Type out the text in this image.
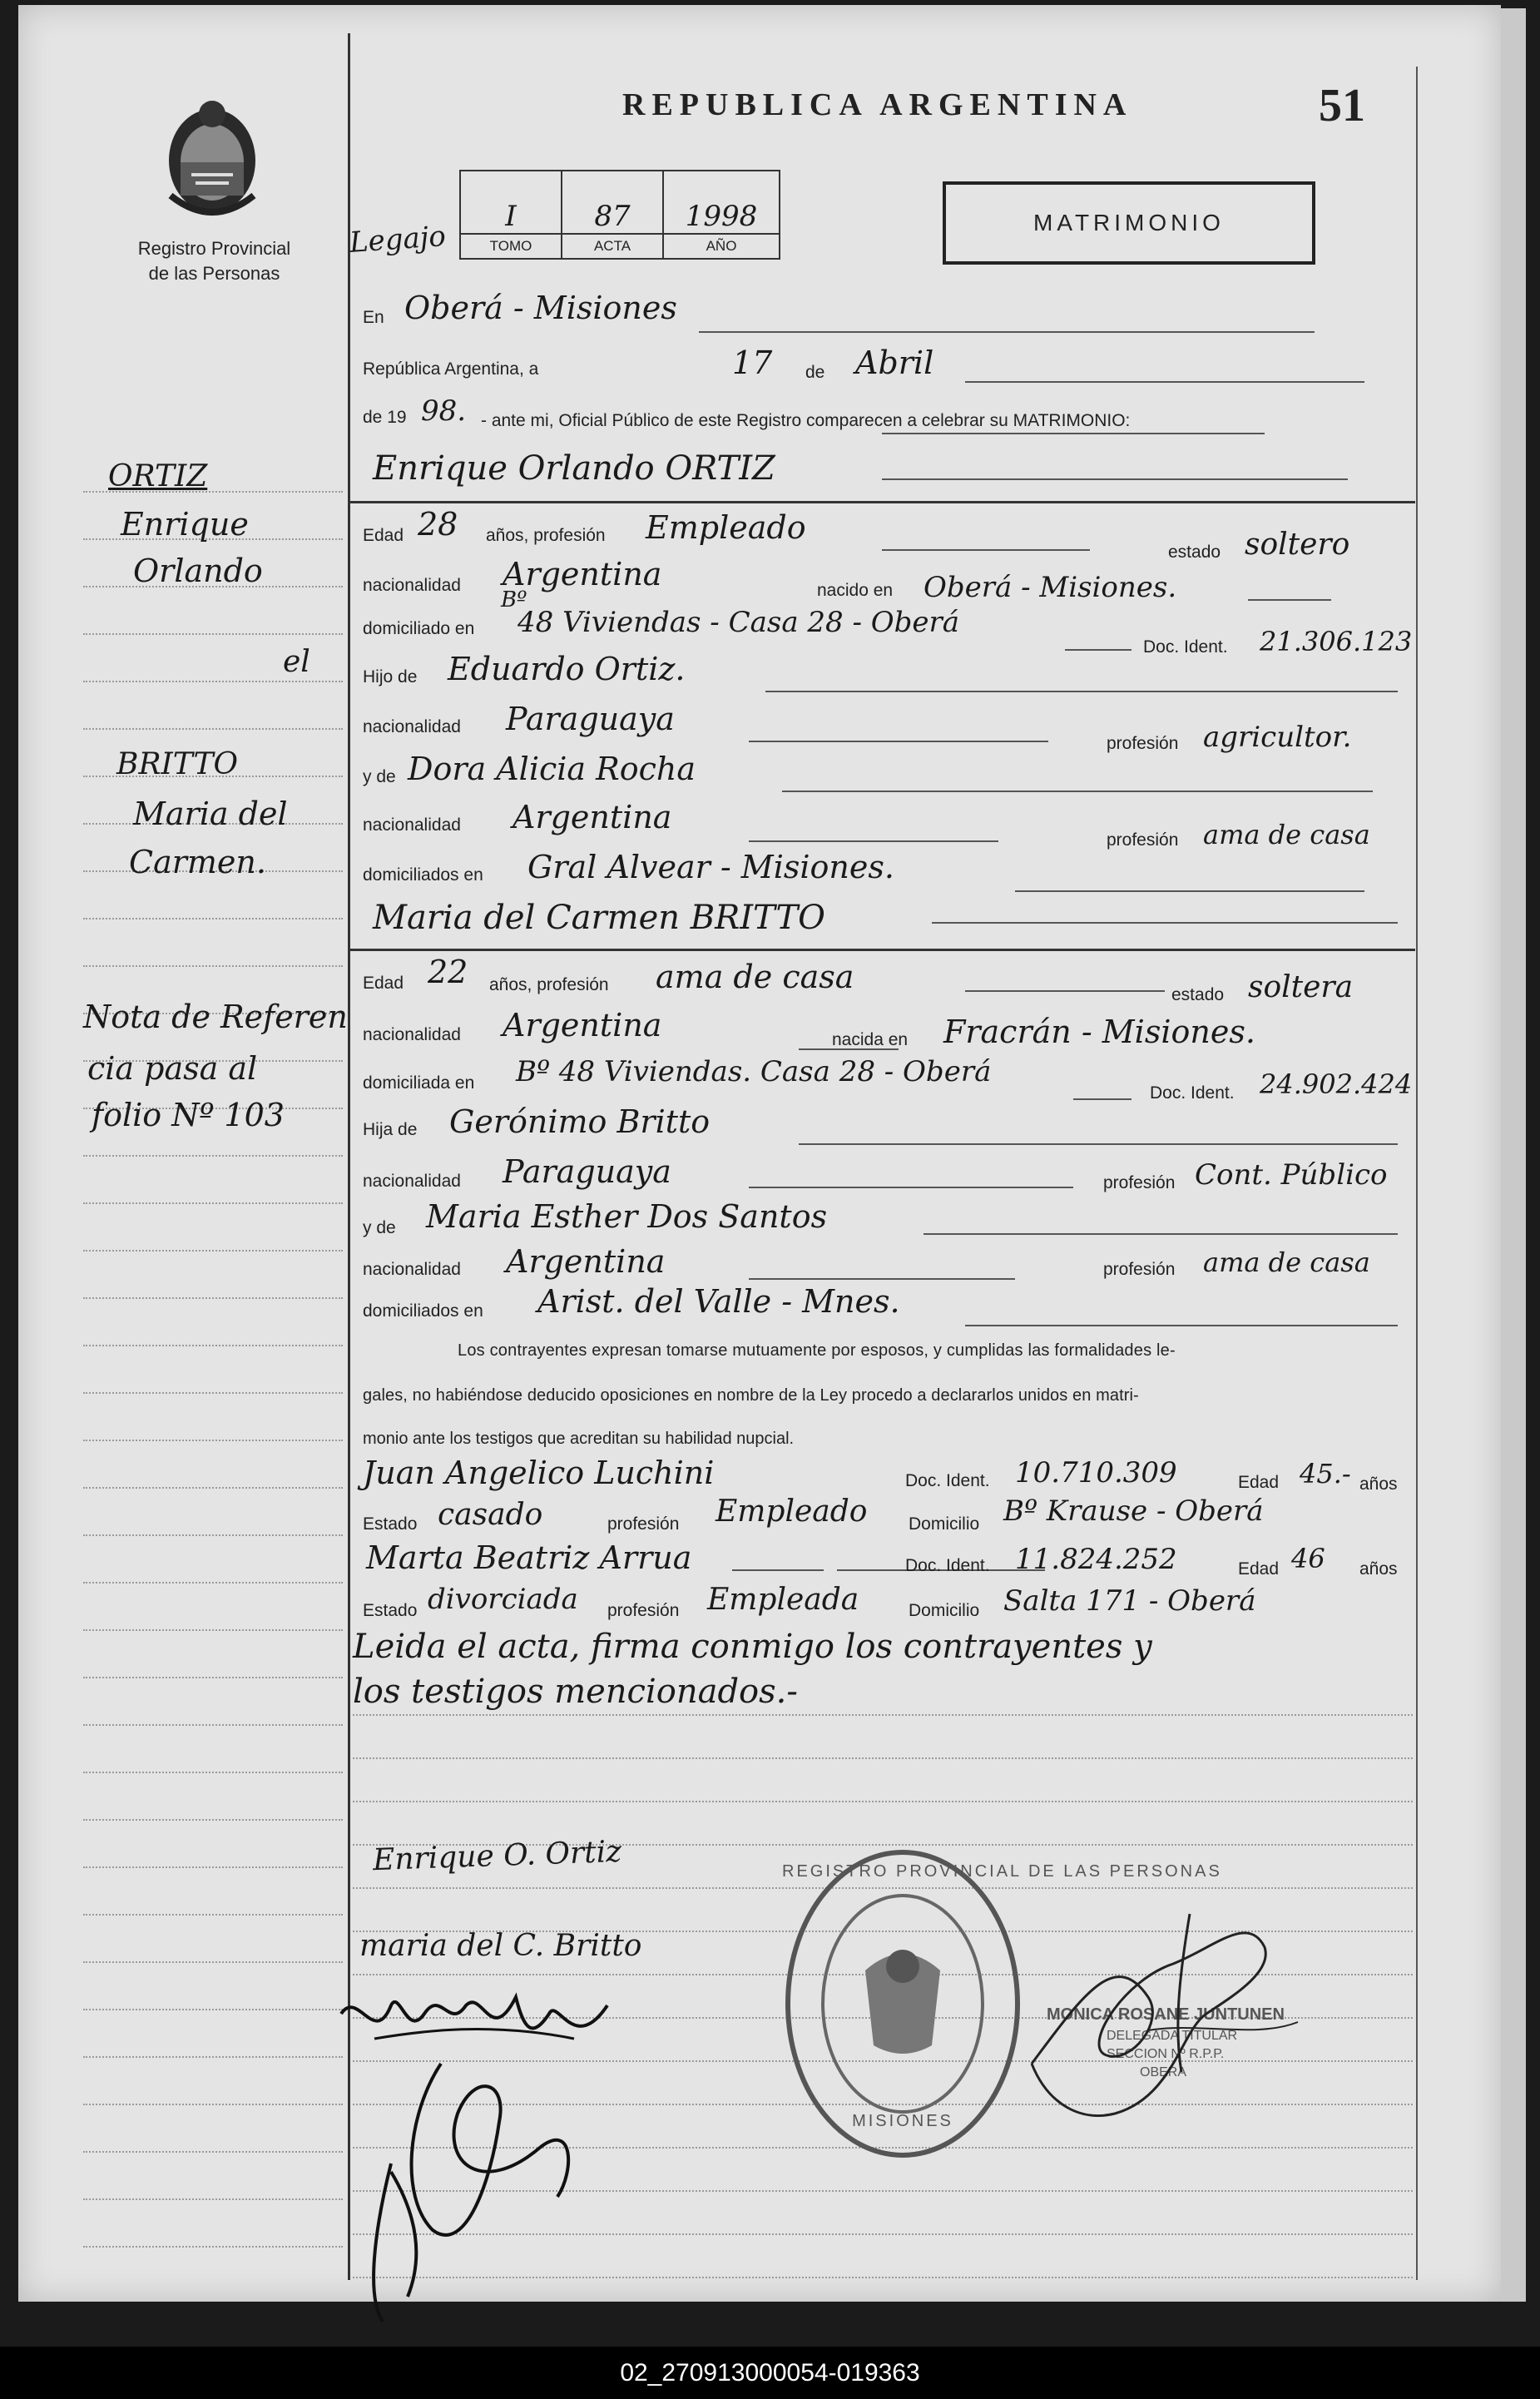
Registro Provincial
de las Personas
REPUBLICA ARGENTINA	51
Legajo
I	87	1998
TOMO	ACTA	AÑO
MATRIMONIO
ORTIZ
Enrique
Orlando
el
BRITTO
Maria del
Carmen.
Nota de Referen
cia pasa al
folio Nº 103
En Oberá - Misiones
República Argentina, a	17 de Abril
de 19 98. - ante mi, Oficial Público de este Registro comparecen a celebrar su MATRIMONIO:
Enrique Orlando ORTIZ
Edad 28 años, profesión Empleado
estado soltero
nacionalidad Argentina	nacido en Oberá - Misiones.
domiciliado en
Bº
48 Viviendas - Casa 28 - Oberá
Doc. Ident. 21.306.123
Hijo de Eduardo Ortiz.
nacionalidad Paraguaya
profesión agricultor.
y de Dora Alicia Rocha
nacionalidad Argentina
profesión ama de casa
domiciliados en Gral Alvear - Misiones.
Maria del Carmen BRITTO
Edad 22 años, profesión ama de casa	estado soltera
nacionalidad Argentina	nacida en Fracrán - Misiones.
domiciliada en Bº 48 Viviendas. Casa 28 - Oberá
Doc. Ident. 24.902.424
Hija de Gerónimo Britto
nacionalidad Paraguaya	profesión Cont. Público
y de Maria Esther Dos Santos
nacionalidad Argentina	profesión ama de casa
domiciliados en Arist. del Valle - Mnes.
Los contrayentes expresan tomarse mutuamente por esposos, y cumplidas las formalidades le-
gales, no habiéndose deducido oposiciones en nombre de la Ley procedo a declararlos unidos en matri-
monio ante los testigos que acreditan su habilidad nupcial.
Juan Angelico Luchini	Doc. Ident. 10.710.309	Edad 45.- años
Estado casado	profesión Empleado Domicilio Bº Krause - Oberá
Marta Beatriz Arrua	Doc. Ident. 11.824.252	Edad 46 años
Estado divorciada profesión Empleada	Domicilio Salta 171 - Oberá
Leida el acta, firma conmigo los contrayentes y
los testigos mencionados.-
Enrique O. Ortiz
maria del C. Britto
REGISTRO PROVINCIAL DE LAS PERSONAS
MISIONES
MONICA ROSANE JUNTUNEN
DELEGADA TITULAR
SECCION Nº R.P.P.
OBERA
02_270913000054-019363
